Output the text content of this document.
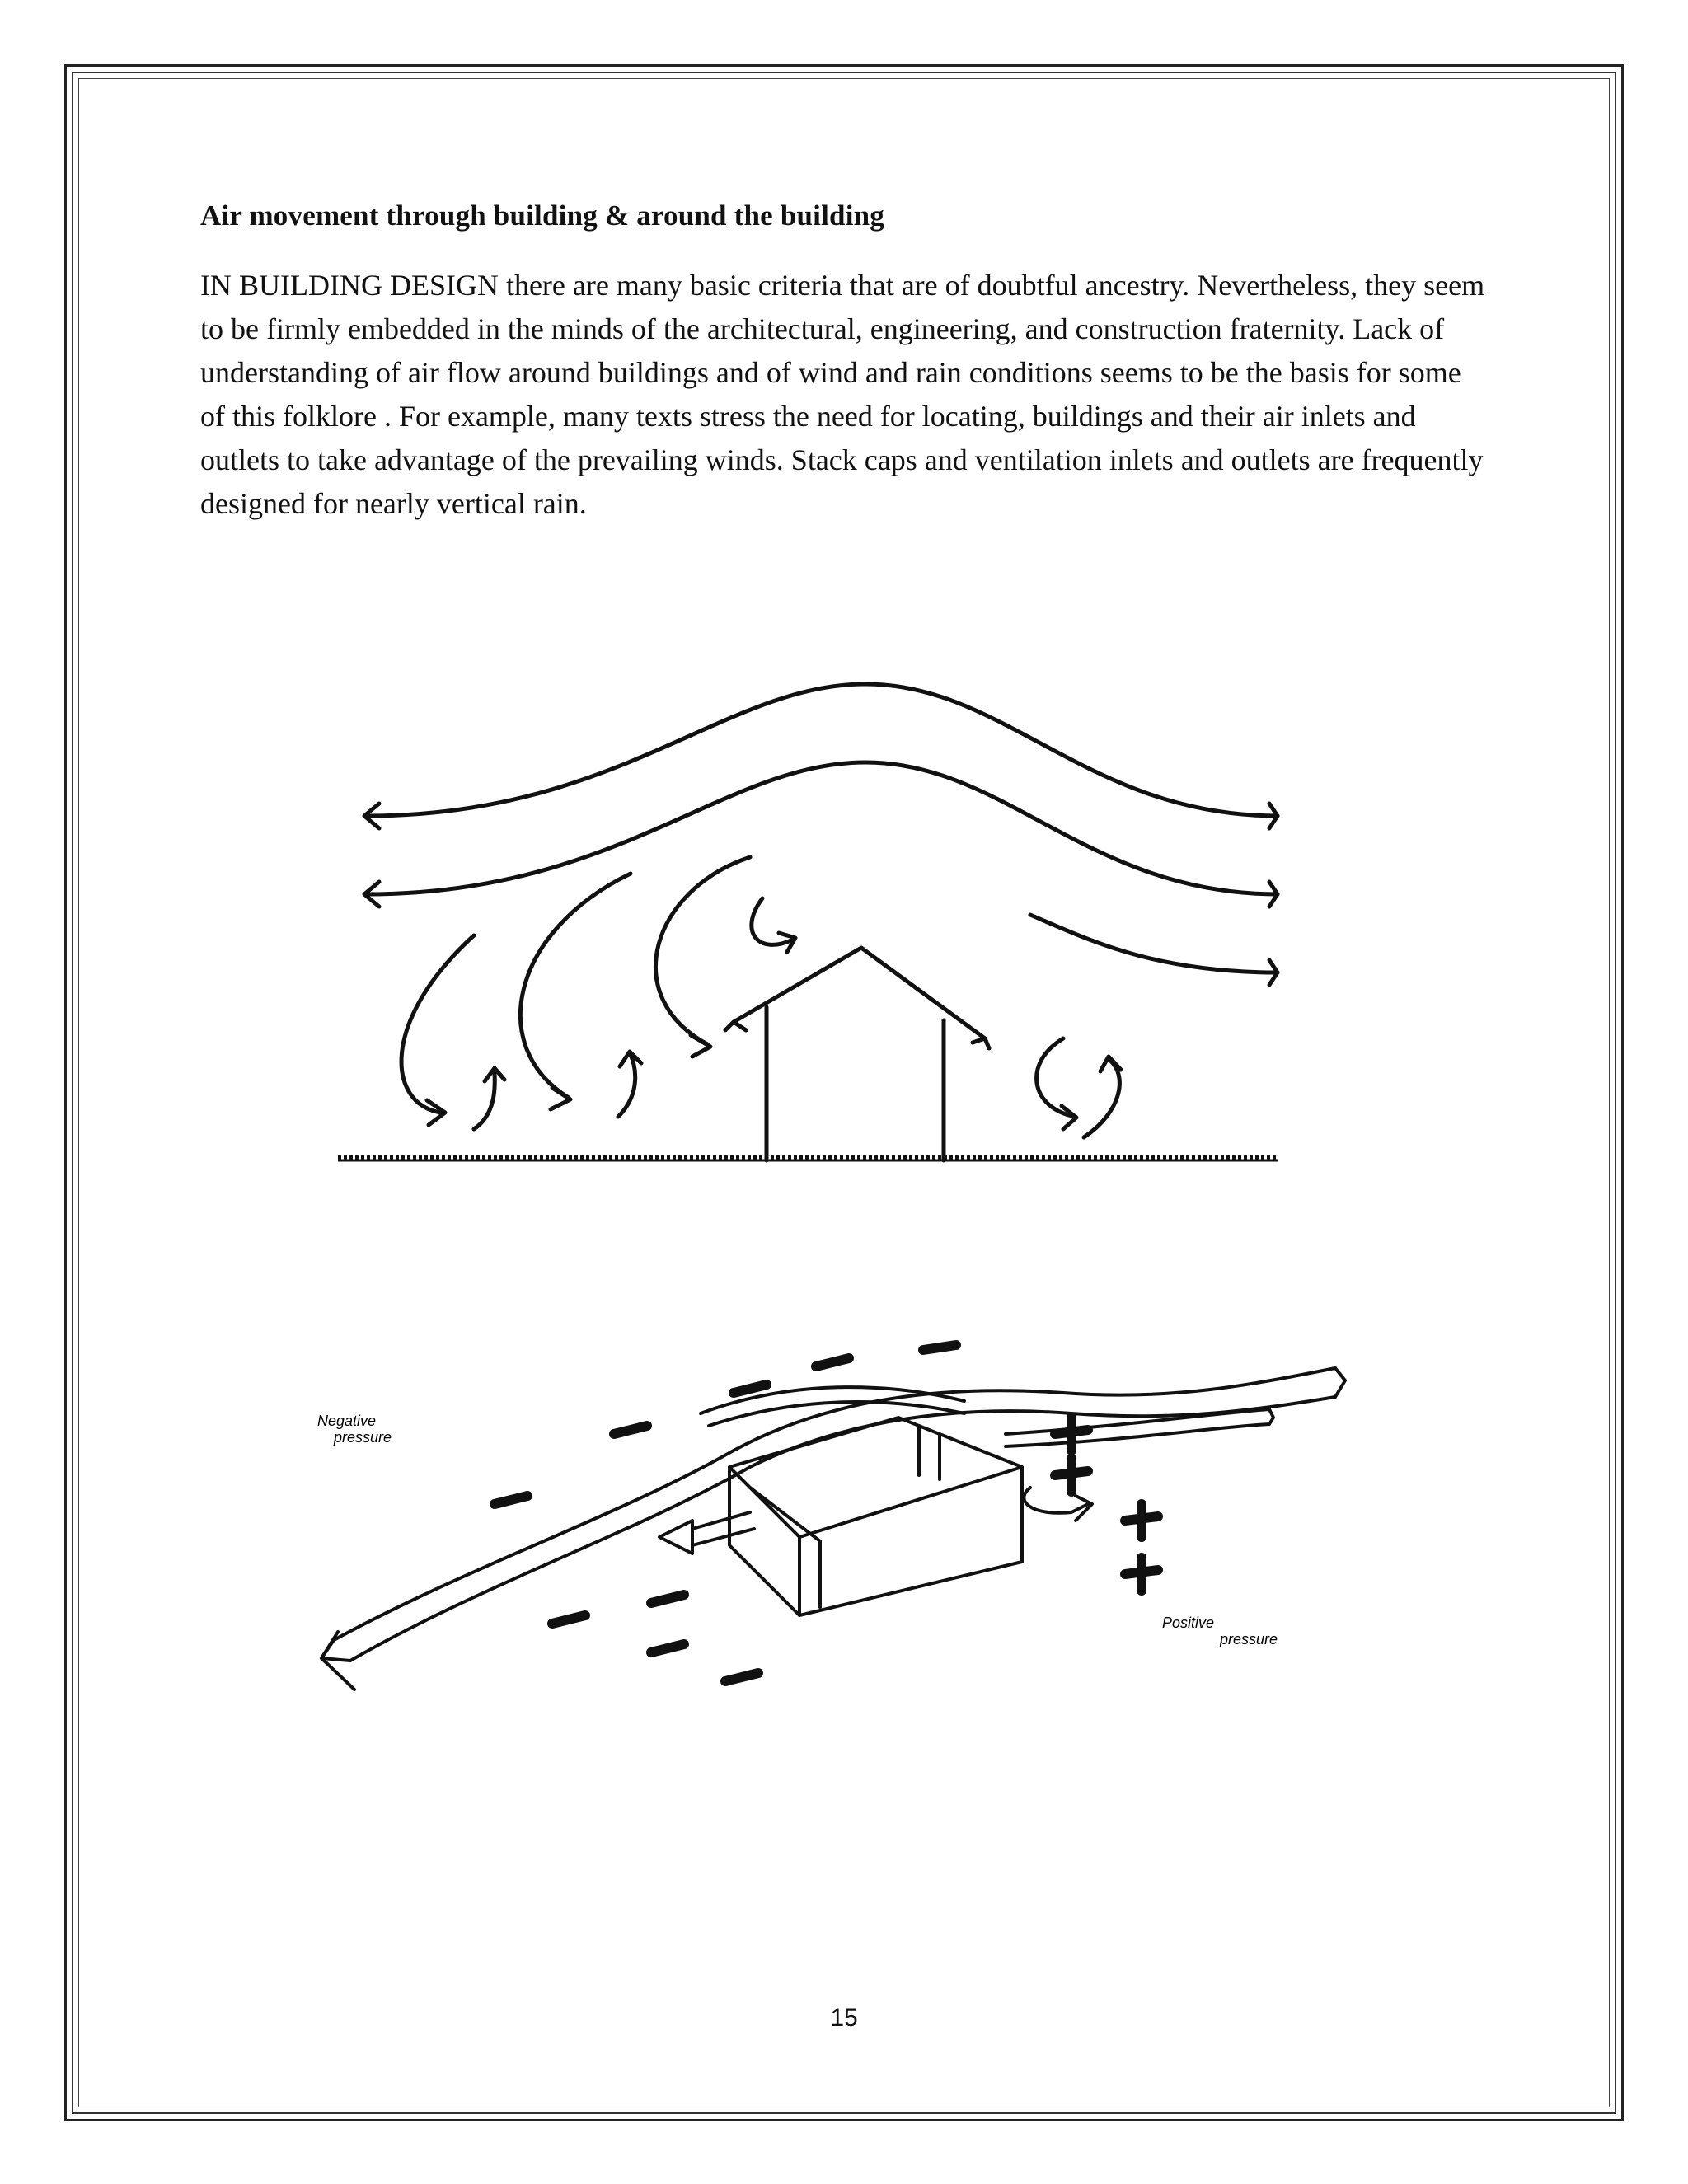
Air movement through building & around the building

IN BUILDING DESIGN there are many basic criteria that are of doubtful ancestry. Nevertheless, they seem to be firmly embedded in the minds of the architectural, engineering, and construction fraternity. Lack of understanding of air flow around buildings and of wind and rain conditions seems to be the basis for some of this folklore . For example, many texts stress the need for locating, buildings and their air inlets and outlets to take advantage of the prevailing winds. Stack caps and ventilation inlets and outlets are frequently designed for nearly vertical rain.

Negative
pressure
Positive
pressure
15
